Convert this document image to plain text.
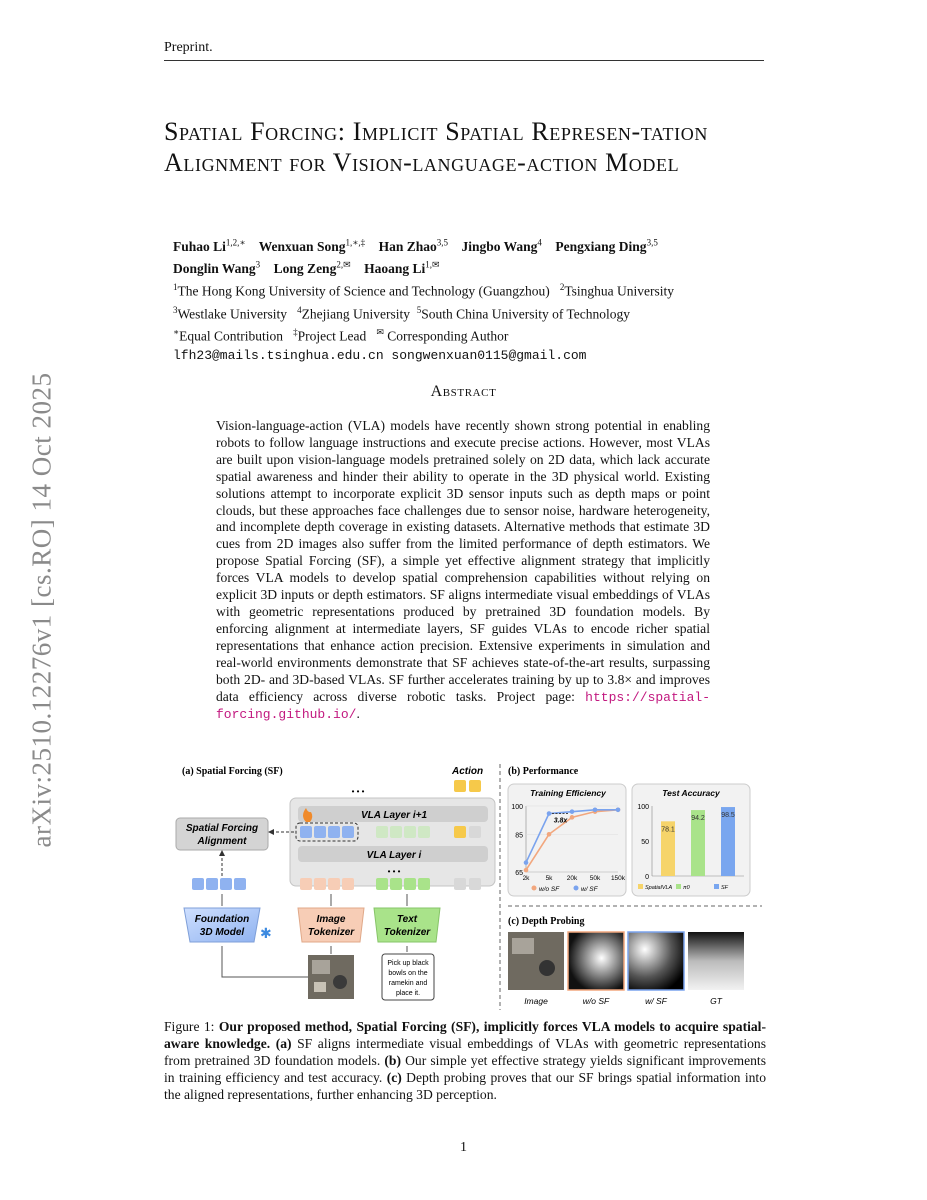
Preprint.
arXiv:2510.12276v1 [cs.RO] 14 Oct 2025
Spatial Forcing: Implicit Spatial Represen-tation Alignment for Vision-language-action Model
Fuhao $Li^{1,2,∗}$ Wenxuan Song$^{1,∗,\ddagger}$ Han Zhao$^{3,5}$ Jingbo Wang$^4$ Pengxiang Ding$^{3,5}$
Donglin Wang$^3$ Long Zeng$^{2,✉}$ Haoang $Li^{1,✉}$
$^1$The Hong Kong University of Science and Technology (Guangzhou) $^2$Tsinghua University
$^3$Westlake University $^4$Zhejiang University $^5$South China University of Technology
∗Equal Contribution ‡Project Lead ✉ Corresponding Author
lfh23@mails.tsinghua.edu.cn songwenxuan0115@gmail.com
Abstract
Vision-language-action (VLA) models have recently shown strong potential in enabling robots to follow language instructions and execute precise actions. However, most VLAs are built upon vision-language models pretrained solely on 2D data, which lack accurate spatial awareness and hinder their ability to operate in the 3D physical world. Existing solutions attempt to incorporate explicit 3D sensor inputs such as depth maps or point clouds, but these approaches face challenges due to sensor noise, hardware heterogeneity, and incomplete depth coverage in existing datasets. Alternative methods that estimate 3D cues from 2D images also suffer from the limited performance of depth estimators. We propose Spatial Forcing (SF), a simple yet effective alignment strategy that implicitly forces VLA models to develop spatial comprehension capabilities without relying on explicit 3D inputs or depth estimators. SF aligns intermediate visual embeddings of VLAs with geometric representations produced by pretrained 3D foundation models. By enforcing alignment at intermediate layers, SF guides VLAs to encode richer spatial representations that enhance action precision. Extensive experiments in simulation and real-world environments demonstrate that SF achieves state-of-the-art results, surpassing both 2D- and 3D-based VLAs. SF further accelerates training by up to 3.8× and improves data efficiency across diverse robotic tasks. Project page: https://spatial-forcing.github.io/.
(a) Spatial Forcing (SF)	Action
• • •
VLA Layer i+1
VLA Layer i
• • •
Spatial Forcing
Alignment
Foundation
3D Model ✱
Image
Tokenizer
Text
Tokenizer
Pick up black
bowls on the
ramekin and
place it.
(b) Performance
Training Efficiency
65
85
100
2k 5k 20k 50k 150k
3.8x
w/o SF	w/ SF
Test Accuracy
0
50
100
78.1
SpatialVLA
94.2
π0
98.5
SF
(c) Depth Probing
Image	w/o SF	w/ SF	GT
Figure 1: Our proposed method, Spatial Forcing (SF), implicitly forces VLA models to acquire spatial-aware knowledge. (a) SF aligns intermediate visual embeddings of VLAs with geometric representations from pretrained 3D foundation models. (b) Our simple yet effective strategy yields significant improvements in training efficiency and test accuracy. (c) Depth probing proves that our SF brings spatial information into the aligned representations, further enhancing 3D perception.
1
